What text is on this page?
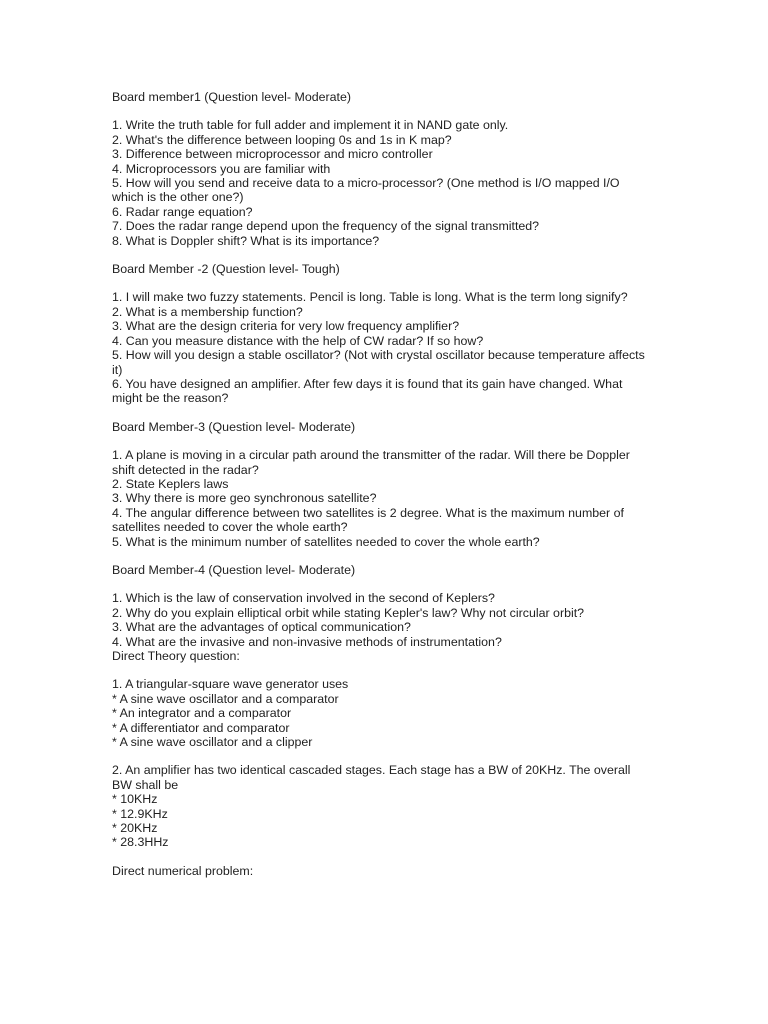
Board member1 (Question level- Moderate)
1. Write the truth table for full adder and implement it in NAND gate only.
2. What's the difference between looping 0s and 1s in K map?
3. Difference between microprocessor and micro controller
4. Microprocessors you are familiar with
5. How will you send and receive data to a micro-processor? (One method is I/O mapped I/O which is the other one?)
6. Radar range equation?
7. Does the radar range depend upon the frequency of the signal transmitted?
8. What is Doppler shift? What is its importance?
Board Member -2 (Question level- Tough)
1. I will make two fuzzy statements. Pencil is long. Table is long. What is the term long signify?
2. What is a membership function?
3. What are the design criteria for very low frequency amplifier?
4. Can you measure distance with the help of CW radar? If so how?
5. How will you design a stable oscillator? (Not with crystal oscillator because temperature affects it)
6. You have designed an amplifier. After few days it is found that its gain have changed. What might be the reason?
Board Member-3 (Question level- Moderate)
1. A plane is moving in a circular path around the transmitter of the radar. Will there be Doppler shift detected in the radar?
2. State Keplers laws
3. Why there is more geo synchronous satellite?
4. The angular difference between two satellites is 2 degree. What is the maximum number of satellites needed to cover the whole earth?
5. What is the minimum number of satellites needed to cover the whole earth?
Board Member-4 (Question level- Moderate)
1. Which is the law of conservation involved in the second of Keplers?
2. Why do you explain elliptical orbit while stating Kepler's law? Why not circular orbit?
3. What are the advantages of optical communication?
4. What are the invasive and non-invasive methods of instrumentation?
Direct Theory question:
1. A triangular-square wave generator uses
* A sine wave oscillator and a comparator
* An integrator and a comparator
* A differentiator and comparator
* A sine wave oscillator and a clipper
2. An amplifier has two identical cascaded stages. Each stage has a BW of 20KHz. The overall BW shall be
* 10KHz
* 12.9KHz
* 20KHz
* 28.3HHz
Direct numerical problem:
